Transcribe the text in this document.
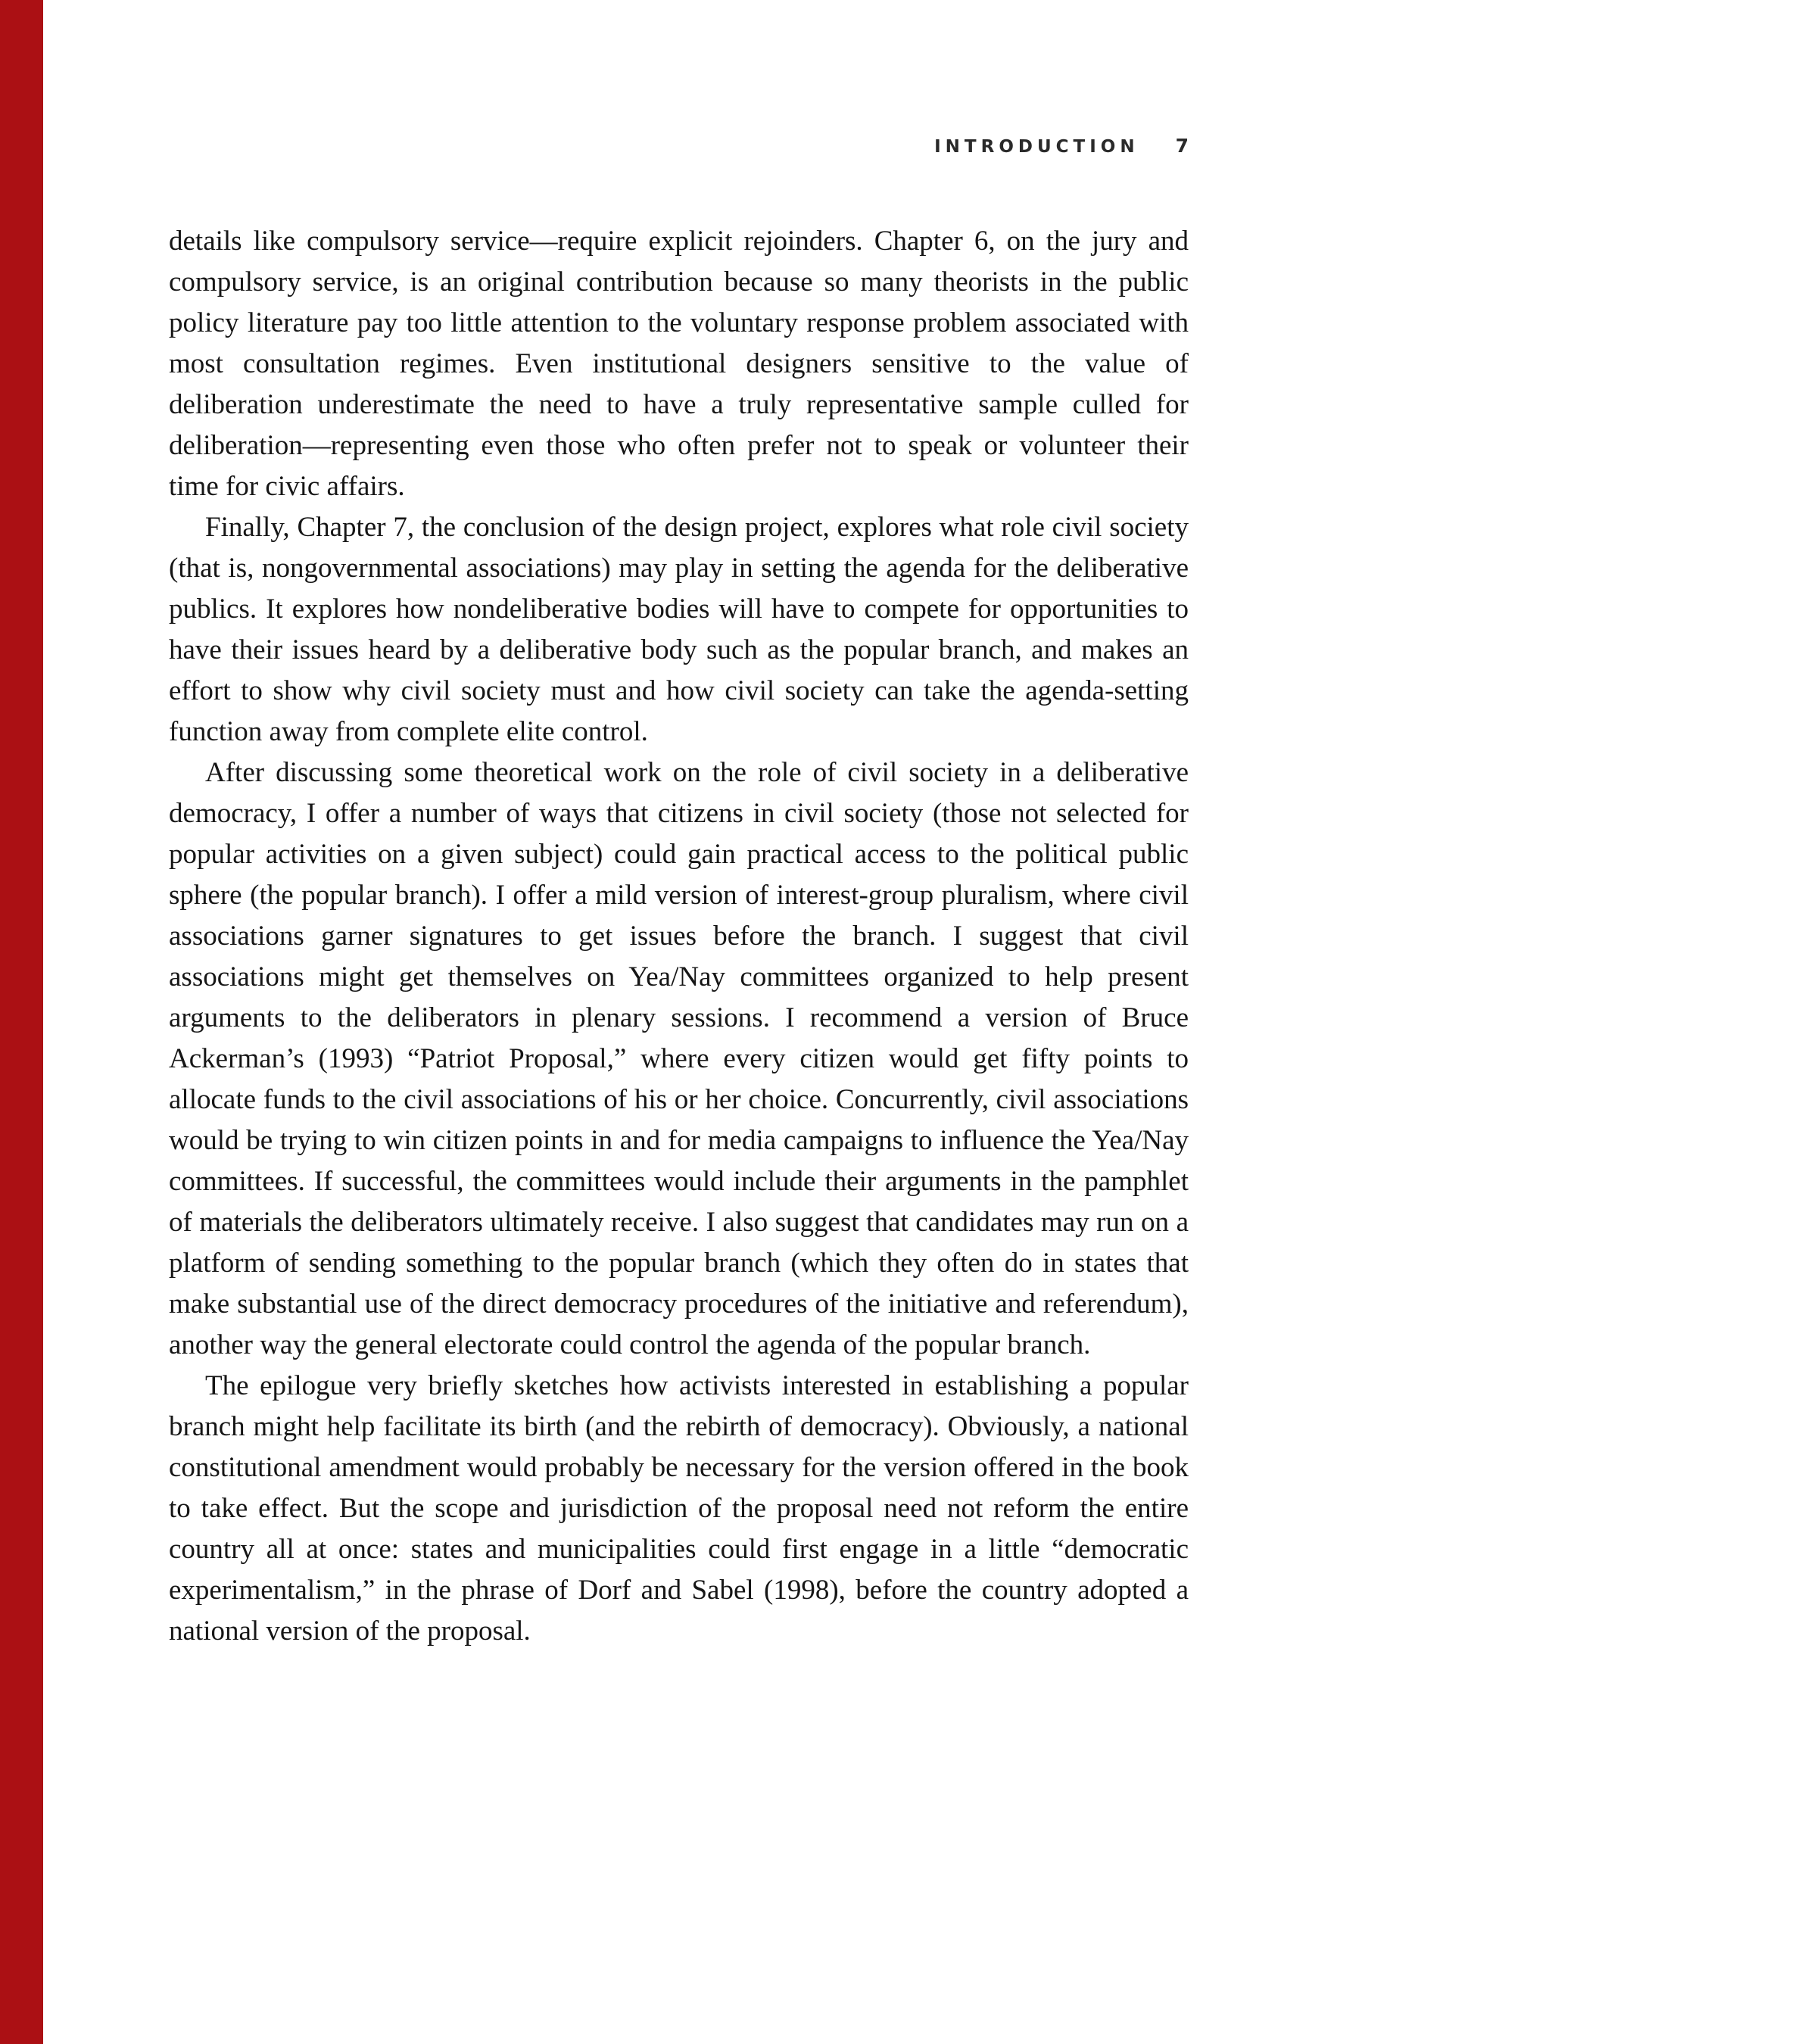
INTRODUCTION 7

details like compulsory service—require explicit rejoinders. Chapter 6, on the jury and compulsory service, is an original contribution because so many theorists in the public policy literature pay too little attention to the voluntary response problem associated with most consultation regimes. Even institutional designers sensitive to the value of deliberation underestimate the need to have a truly representative sample culled for deliberation—representing even those who often prefer not to speak or volunteer their time for civic affairs.

Finally, Chapter 7, the conclusion of the design project, explores what role civil society (that is, nongovernmental associations) may play in setting the agenda for the deliberative publics. It explores how nondeliberative bodies will have to compete for opportunities to have their issues heard by a deliberative body such as the popular branch, and makes an effort to show why civil society must and how civil society can take the agenda-setting function away from complete elite control.

After discussing some theoretical work on the role of civil society in a deliberative democracy, I offer a number of ways that citizens in civil society (those not selected for popular activities on a given subject) could gain practical access to the political public sphere (the popular branch). I offer a mild version of interest-group pluralism, where civil associations garner signatures to get issues before the branch. I suggest that civil associations might get themselves on Yea/Nay committees organized to help present arguments to the deliberators in plenary sessions. I recommend a version of Bruce Ackerman’s (1993) “Patriot Proposal,” where every citizen would get fifty points to allocate funds to the civil associations of his or her choice. Concurrently, civil associations would be trying to win citizen points in and for media campaigns to influence the Yea/Nay committees. If successful, the committees would include their arguments in the pamphlet of materials the deliberators ultimately receive. I also suggest that candidates may run on a platform of sending something to the popular branch (which they often do in states that make substantial use of the direct democracy procedures of the initiative and referendum), another way the general electorate could control the agenda of the popular branch.

The epilogue very briefly sketches how activists interested in establishing a popular branch might help facilitate its birth (and the rebirth of democracy). Obviously, a national constitutional amendment would probably be necessary for the version offered in the book to take effect. But the scope and jurisdiction of the proposal need not reform the entire country all at once: states and municipalities could first engage in a little “democratic experimentalism,” in the phrase of Dorf and Sabel (1998), before the country adopted a national version of the proposal.
